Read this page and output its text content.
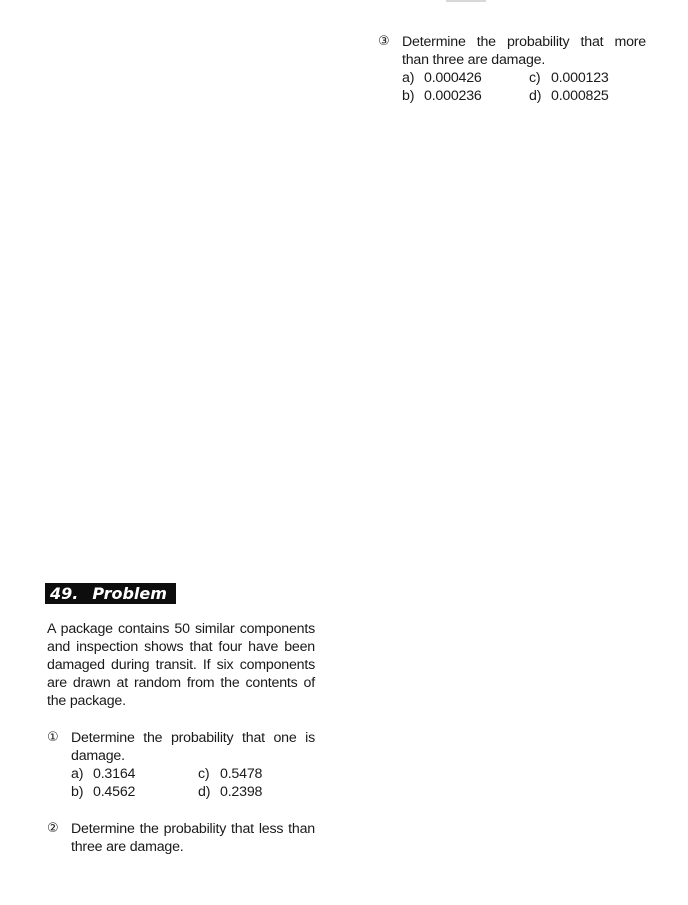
③ Determine the probability that more than three are damage.
a) 0.000426	c) 0.000123
b) 0.000236	d) 0.000825
49. Problem

A package contains 50 similar components and inspection shows that four have been damaged during transit. If six components are drawn at random from the contents of the package.

① Determine the probability that one is damage.
a) 0.3164	c) 0.5478
b) 0.4562	d) 0.2398
② Determine the probability that less than three are damage.
